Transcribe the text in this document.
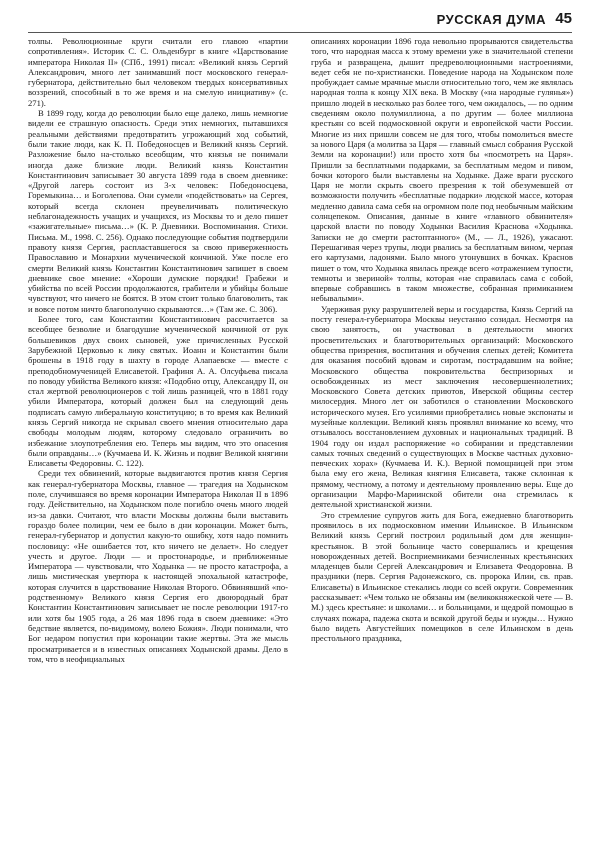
РУССКАЯ ДУМА 45

толпы. Революционные круги считали его главою «партии сопротивления». Историк С. С. Ольденбург в книге «Царствование императора Николая II» (СПб., 1991) писал: «Великий князь Сергий Александрович, много лет занимавший пост московского генерал-губернатора, действительно был человеком твердых консервативных воззрений, способный в то же время и на смелую инициативу» (с. 271).

В 1899 году, когда до революции было еще далеко, лишь немногие видели ее страшную опасность. Среди этих немногих, пытавшихся реальными действиями предотвратить угрожающий ход событий, были такие люди, как К. П. Победоносцев и Великий князь Сергий. Разложение было на-столько всеобщим, что князья не понимали иногда даже близкие люди. Великий князь Константин Константинович записывает 30 августа 1899 года в своем дневнике: «Другой лагерь состоит из 3-х человек: Победоносцева, Горемыкина… и Боголепова. Они сумели «подействовать» на Сергея, который всегда склонен преувеличивать политическую неблагонадежность учащих и учащихся, из Москвы то и дело пишет «зажигательные» письма…» (К. Р. Дневники. Воспоминания. Стихи. Письма. М., 1998. С. 256). Однако последующие события подтвердили правоту князя Сергия, распластавшегося за свою приверженность Православию и Монархии мученической кончиной. Уже после его смерти Великий князь Константин Константинович запишет в своем дневнике свое мнение: «Хороши думские порядки! Грабежи и убийства по всей России продолжаются, грабители и убийцы больше чувствуют, что ничего не боятся. В этом стоит только благоволить, так и вовсе потом ничто благополучно скрываются…» (Там же. С. 306).

Более того, сам Константин Константинович рассчитается за всеобщее безволие и благодушие мученической кончиной от рук большевиков двух своих сыновей, уже причисленных Русской Зарубежной Церковью к лику святых. Иоанн и Константин были брошены в 1918 году в шахту в городе Алапаевске — вместе с преподобномученицей Елисаветой. Графиня А. А. Олсуфьева писала по поводу убийства Великого князя: «Подобно отцу, Александру II, он стал жертвой революционеров с той лишь разницей, что в 1881 году убили Императора, который должен был на следующий день подписать самую либеральную конституцию; в то время как Великий князь Сергий никогда не скрывал своего мнения относительно дара свободы молодым людям, которому следовало ограничить во избежание злоупотребления ею. Теперь мы видим, что это опасения были оправданы…» (Кучмаева И. К. Жизнь и подвиг Великой княгини Елисаветы Федоровны. С. 122).

Среди тех обвинений, которые выдвигаются против князя Сергия как генерал-губернатора Москвы, главное — трагедия на Ходынском поле, случившаяся во время коронации Императора Николая II в 1896 году. Действительно, на Ходынском поле погибло очень много людей из-за давки. Считают, что власти Москвы должны были выставить гораздо более полиции, чем ее было в дни коронации. Может быть, генерал-губернатор и допустил какую-то ошибку, хотя надо помнить пословицу: «Не ошибается тот, кто ничего не делает». Но следует учесть и другое. Люди — и простонародье, и приближенные Императора — чувствовали, что Ходынка — не просто катастрофа, а лишь мистическая увертюра к настоящей эпохальной катастрофе, которая случится в царствование Николая Второго. Обвинявший «по-родственному» Великого князя Сергия его двоюродный брат Константин Константинович записывает не после революции 1917-го или хотя бы 1905 года, а 26 мая 1896 года в своем дневнике: «Это бедствие является, по-видимому, волею Божия». Люди понимали, что Бог недаром попустил при коронации такие жертвы. Эта же мысль просматривается и в известных описаниях Ходынской драмы. Дело в том, что в неофициальных

описаниях коронации 1896 года невольно прорываются свидетельства того, что народная масса к этому времени уже в значительной степени груба и развращена, дышит предреволюционными настроениями, ведет себя не по-христиански. Поведение народа на Ходынском поле пробуждает самые мрачные мысли относительно того, чем же являлась народная толпа к концу XIX века. В Москву («на народные гулянья») пришло людей в несколько раз более того, чем ожидалось, — по одним сведениям около полумиллиона, а по другим — более миллиона крестьян со всей подмосковной округи и европейской части России. Многие из них пришли совсем не для того, чтобы помолиться вместе за нового Царя (а молитва за Царя — главный смысл собрания Русской Земли на коронации!) или просто хотя бы «посмотреть на Царя». Пришли за бесплатными подарками, за бесплатным медом и пивом, бочки которого были выставлены на Ходынке. Даже враги русского Царя не могли скрыть своего презрения к той обезумевшей от возможности получить «бесплатные подарки» людской массе, которая медленно давила сама себя на огромном поле под необычным майским солнцепеком. Описания, данные в книге «главного обвинителя» царской власти по поводу Ходынки Василия Краснова «Ходынка. Записки не до смерти растоптанного» (М., — Л., 1926), ужасают. Перешагивая через трупы, люди рвались за бесплатным вином, черпая его картузами, ладонями. Было много утонувших в бочках. Краснов пишет о том, что Ходынка явилась прежде всего «отражением тупости, темноты и звериной» толпы, которая «не справилась сама с собой, впервые собравшись в таком множестве, собранная примиканием небывалыми».

Удерживая руку разрушителей веры и государства, Князь Сергий на посту генерал-губернатора Москвы неустанно созидал. Несмотря на свою занятость, он участвовал в деятельности многих просветительских и благотворительных организаций: Московского общества призрения, воспитания и обучения слепых детей; Комитета для оказания пособий вдовам и сиротам, пострадавшим на войне; Московского общества покровительства беспризорных и освобожденных из мест заключения несовершеннолетних; Московского Совета детских приютов, Иверской общины сестер милосердия. Много лет он заботился о становлении Московского исторического музея. Его усилиями приобретались новые экспонаты и музейные коллекции. Великий князь проявлял внимание ко всему, что отзывалось восстановлением духовных и национальных традиций. В 1904 году он издал распоряжение «о собирании и представлении самых точных сведений о существующих в Москве частных духовно-певческих хорах» (Кучмаева И. К.). Верной помощницей при этом была ему его жена, Великая княгиня Елисавета, также склонная к прямому, честному, а потому и деятельному проявлению веры. Еще до организации Марфо-Мариинской обители она стремилась к деятельной христианской жизни.

Это стремление супругов жить для Бога, ежедневно благотворить проявилось в их подмосковном имении Ильинское. В Ильинском Великий князь Сергий построил родильный дом для женщин-крестьянок. В этой больнице часто совершались и крещения новорожденных детей. Восприемниками безчисленных крестьянских младенцев были Сергей Александрович и Елизавета Феодоровна. В праздники (перв. Сергия Радонежского, св. пророка Илии, св. прав. Елисаветы) в Ильинское стекались люди со всей округи. Современник рассказывает: «Чем только не обязаны им (великокняжеской чете — В. М.) здесь крестьяне: и школами… и больницами, и щедрой помощью в случаях пожара, падежа скота и всякой другой беды и нужды… Нужно было видеть Августейших помещиков в селе Ильинском в день престольного праздника,
